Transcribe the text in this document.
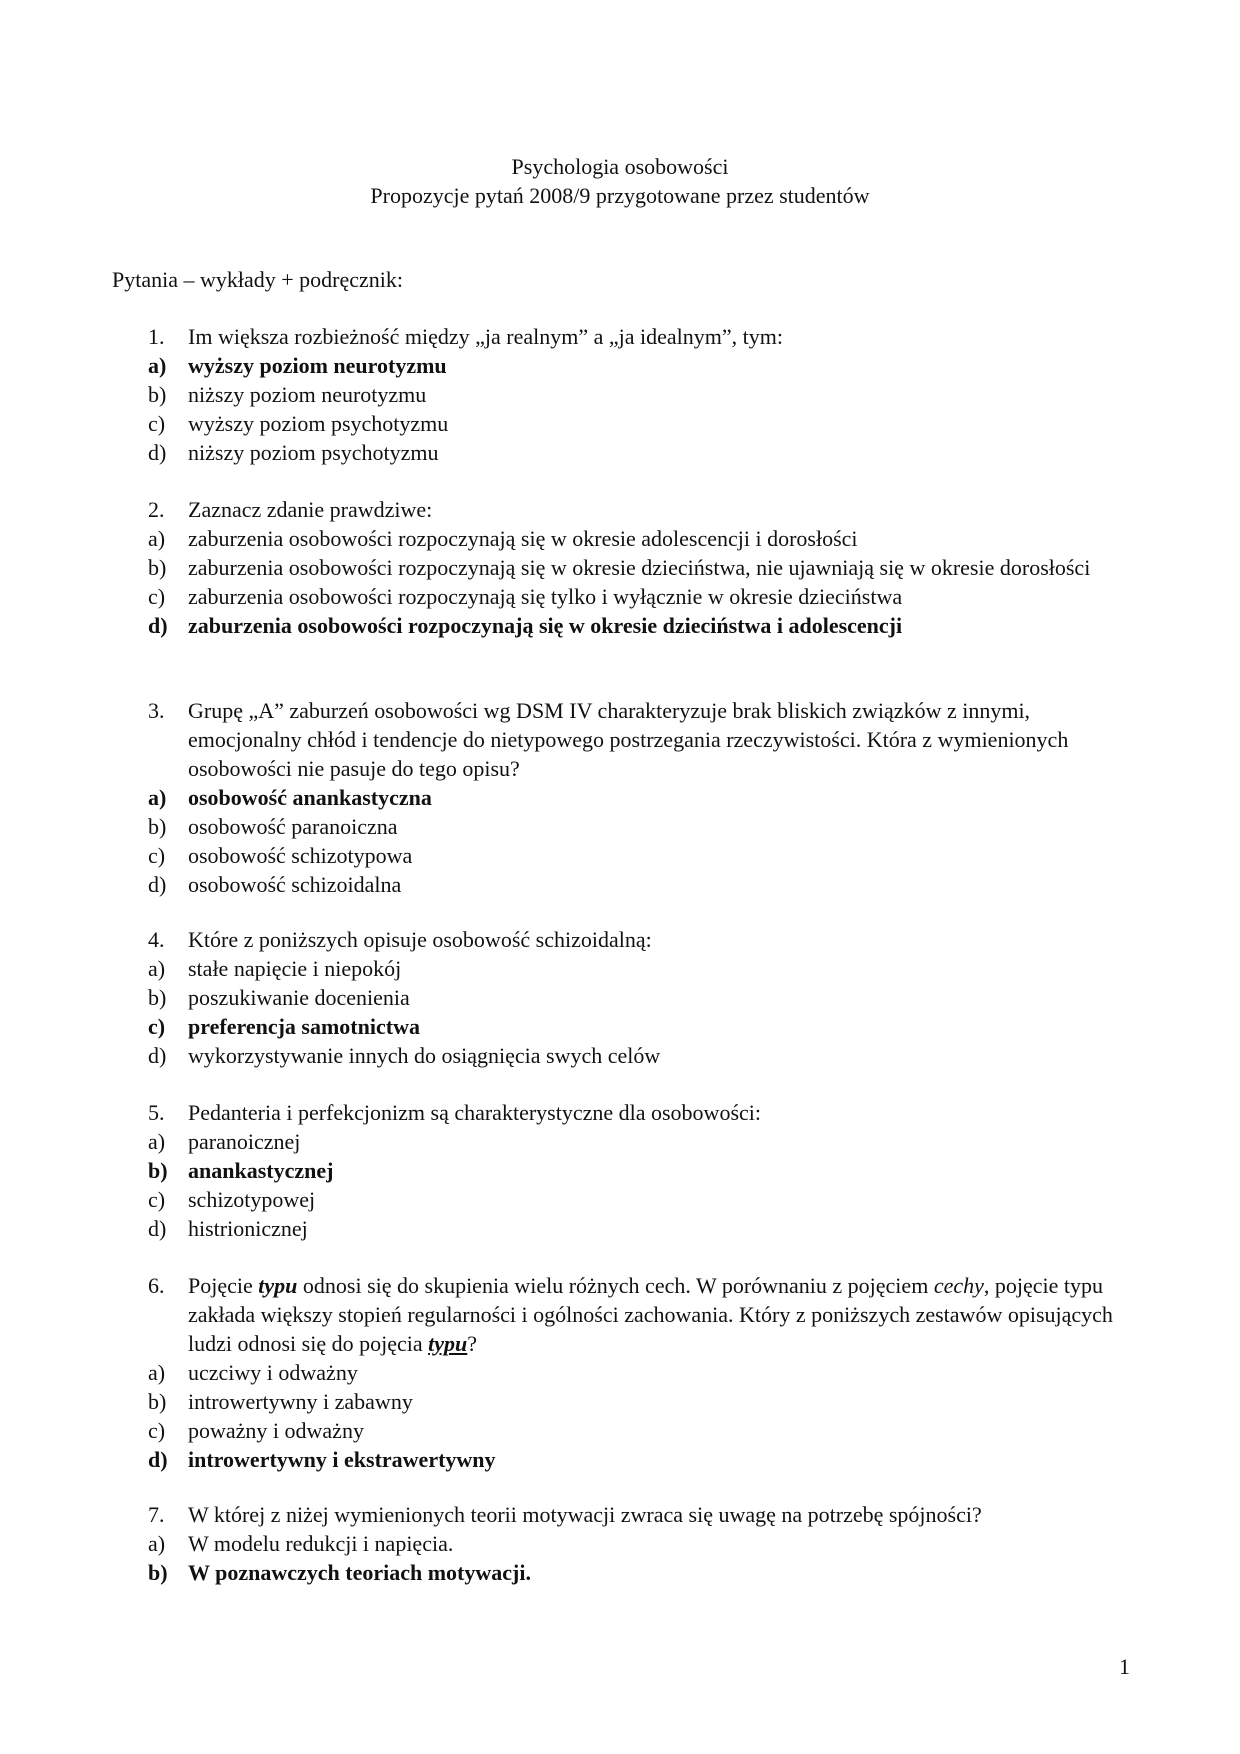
Psychologia osobowości
Propozycje pytań 2008/9 przygotowane przez studentów
Pytania – wykłady + podręcznik:
1. Im większa rozbieżność między „ja realnym” a „ja idealnym”, tym:
a) wyższy poziom neurotyzmu
b) niższy poziom neurotyzmu
c) wyższy poziom psychotyzmu
d) niższy poziom psychotyzmu
2. Zaznacz zdanie prawdziwe:
a) zaburzenia osobowości rozpoczynają się w okresie adolescencji i dorosłości
b) zaburzenia osobowości rozpoczynają się w okresie dzieciństwa, nie ujawniają się w okresie dorosłości
c) zaburzenia osobowości rozpoczynają się tylko i wyłącznie w okresie dzieciństwa
d) zaburzenia osobowości rozpoczynają się w okresie dzieciństwa i adolescencji
3. Grupę „A” zaburzeń osobowości wg DSM IV charakteryzuje brak bliskich związków z innymi, emocjonalny chłód i tendencje do nietypowego postrzegania rzeczywistości. Która z wymienionych osobowości nie pasuje do tego opisu?
a) osobowość anankastyczna
b) osobowość paranoiczna
c) osobowość schizotypowa
d) osobowość schizoidalna
4. Które z poniższych opisuje osobowość schizoidalną:
a) stałe napięcie i niepokój
b) poszukiwanie docenienia
c) preferencja samotnictwa
d) wykorzystywanie innych do osiągnięcia swych celów
5. Pedanteria i perfekcjonizm są charakterystyczne dla osobowości:
a) paranoicznej
b) anankastycznej
c) schizotypowej
d) histrionicznej
6. Pojęcie typu odnosi się do skupienia wielu różnych cech. W porównaniu z pojęciem cechy, pojęcie typu zakłada większy stopień regularności i ogólności zachowania. Który z poniższych zestawów opisujących ludzi odnosi się do pojęcia typu?
a) uczciwy i odważny
b) introwertywny i zabawny
c) poważny i odważny
d) introwertywny i ekstrawertywny
7. W której z niżej wymienionych teorii motywacji zwraca się uwagę na potrzebę spójności?
a) W modelu redukcji i napięcia.
b) W poznawczych teoriach motywacji.
1
